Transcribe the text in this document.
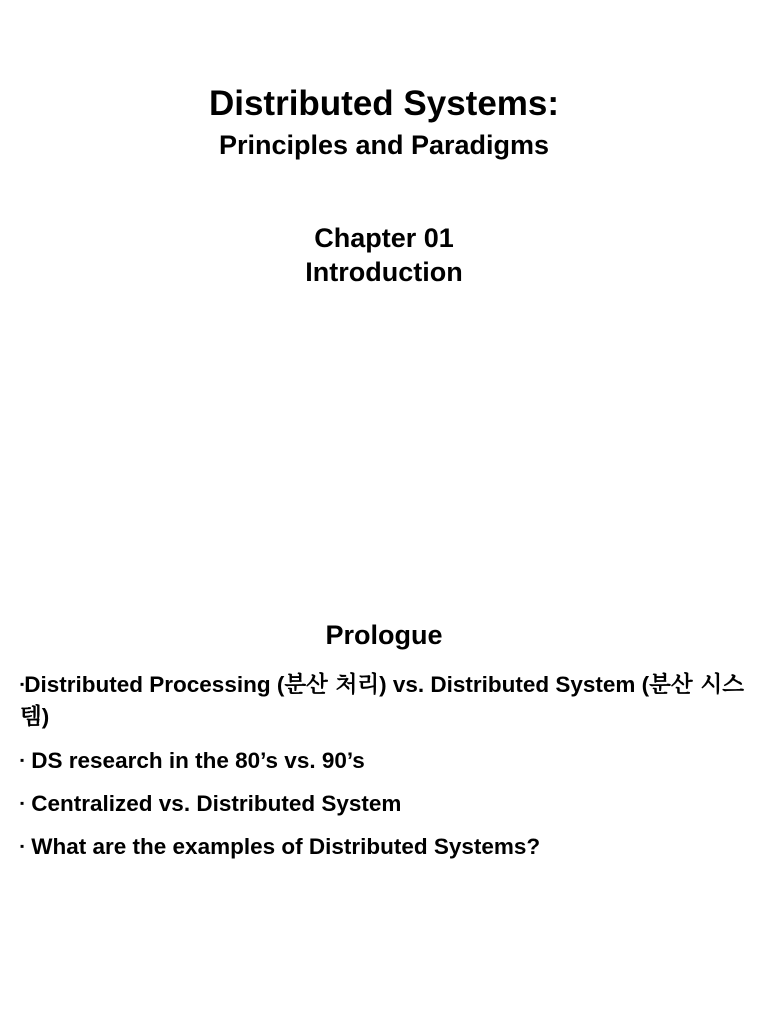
Distributed Systems:
Principles and Paradigms
Chapter 01
Introduction
Prologue
▪Distributed Processing (분산 처리) vs. Distributed System (분산 시스템)
▪ DS research in the 80’s vs. 90’s
▪ Centralized vs. Distributed System
▪ What are the examples of Distributed Systems?
